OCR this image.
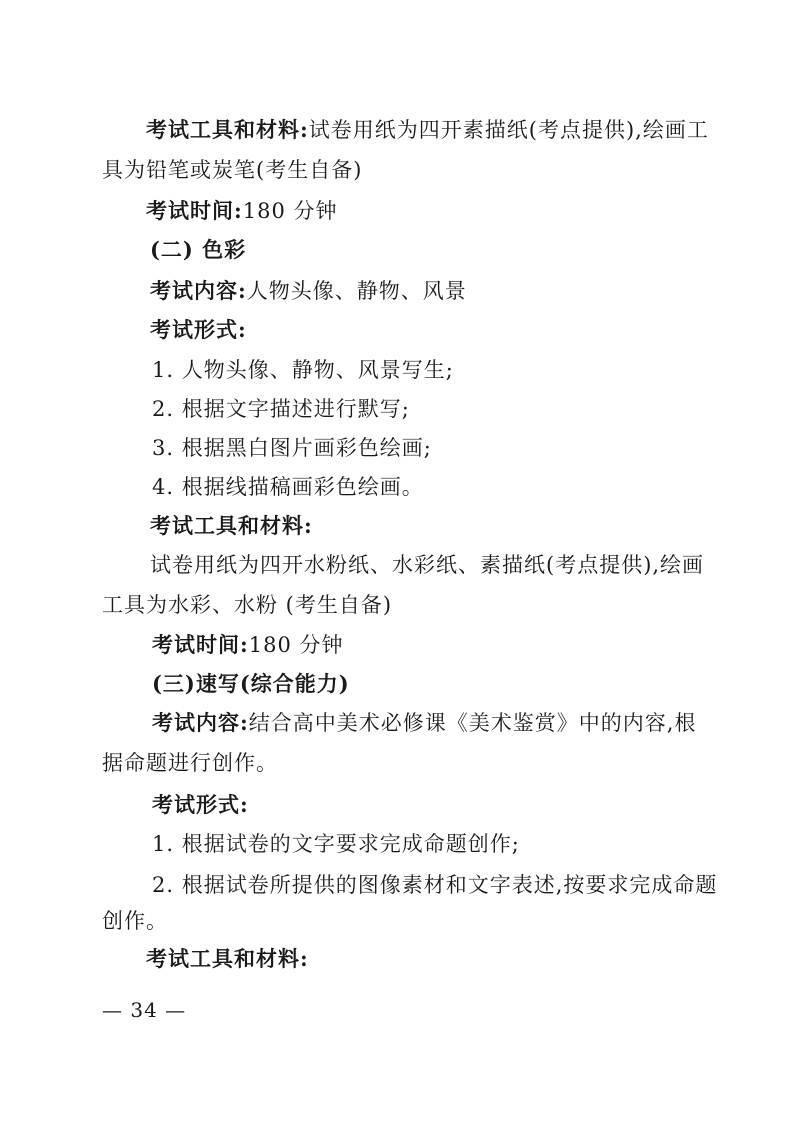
考试工具和材料:试卷用纸为四开素描纸(考点提供),绘画工
具为铅笔或炭笔(考生自备)
考试时间:180 分钟
(二) 色彩
考试内容:人物头像、静物、风景
考试形式:
1. 人物头像、静物、风景写生;
2. 根据文字描述进行默写;
3. 根据黑白图片画彩色绘画;
4. 根据线描稿画彩色绘画。
考试工具和材料:
试卷用纸为四开水粉纸、水彩纸、素描纸(考点提供),绘画
工具为水彩、水粉 (考生自备)
考试时间:180 分钟
(三)速写(综合能力)
考试内容:结合高中美术必修课《美术鉴赏》中的内容,根
据命题进行创作。
考试形式:
1. 根据试卷的文字要求完成命题创作;
2. 根据试卷所提供的图像素材和文字表述,按要求完成命题
创作。
考试工具和材料:
— 34 —
